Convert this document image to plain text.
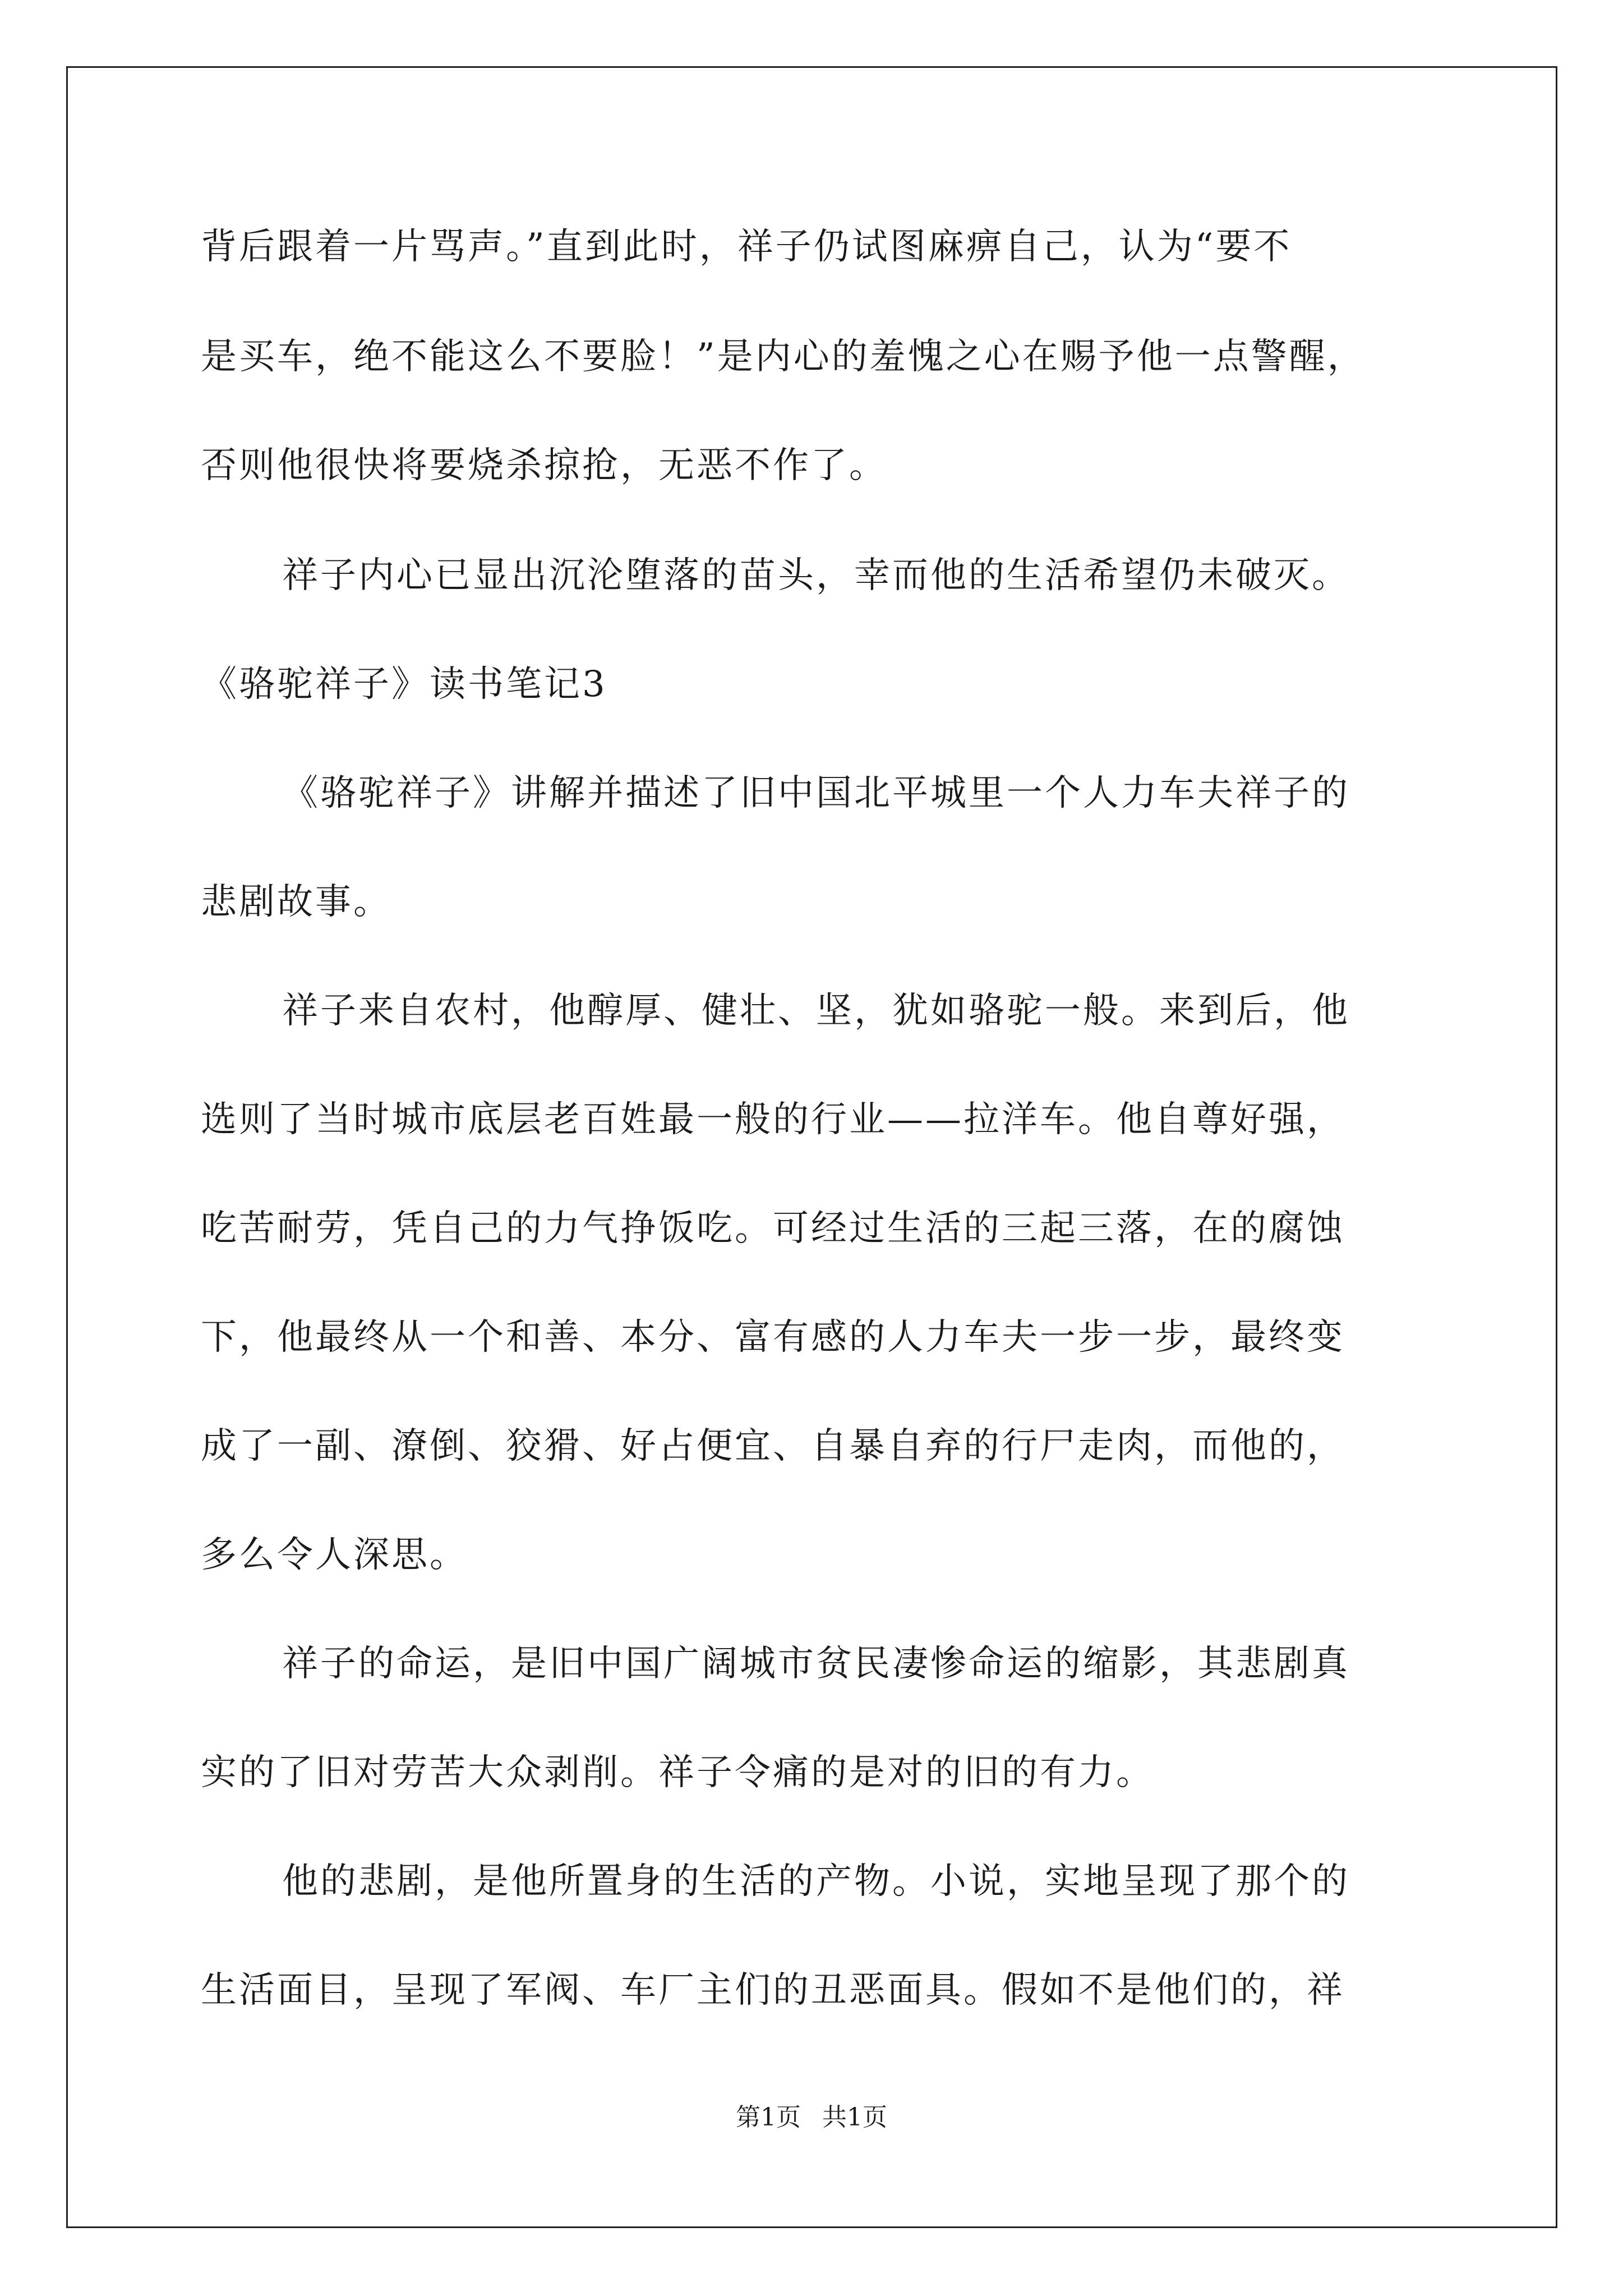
背后跟着一片骂声。”直到此时，祥子仍试图麻痹自己，认为“要不
是买车，绝不能这么不要脸！”是内心的羞愧之心在赐予他一点警醒，
否则他很快将要烧杀掠抢，无恶不作了。
祥子内心已显出沉沦堕落的苗头，幸而他的生活希望仍未破灭。
《骆驼祥子》读书笔记3
《骆驼祥子》讲解并描述了旧中国北平城里一个人力车夫祥子的
悲剧故事。
祥子来自农村，他醇厚、健壮、坚，犹如骆驼一般。来到后，他
选则了当时城市底层老百姓最一般的行业——拉洋车。他自尊好强，
吃苦耐劳，凭自己的力气挣饭吃。可经过生活的三起三落，在的腐蚀
下，他最终从一个和善、本分、富有感的人力车夫一步一步，最终变
成了一副、潦倒、狡猾、好占便宜、自暴自弃的行尸走肉，而他的，
多么令人深思。
祥子的命运，是旧中国广阔城市贫民凄惨命运的缩影，其悲剧真
实的了旧对劳苦大众剥削。祥子令痛的是对的旧的有力。
他的悲剧，是他所置身的生活的产物。小说，实地呈现了那个的
生活面目，呈现了军阀、车厂主们的丑恶面具。假如不是他们的，祥
第1页 共1页
